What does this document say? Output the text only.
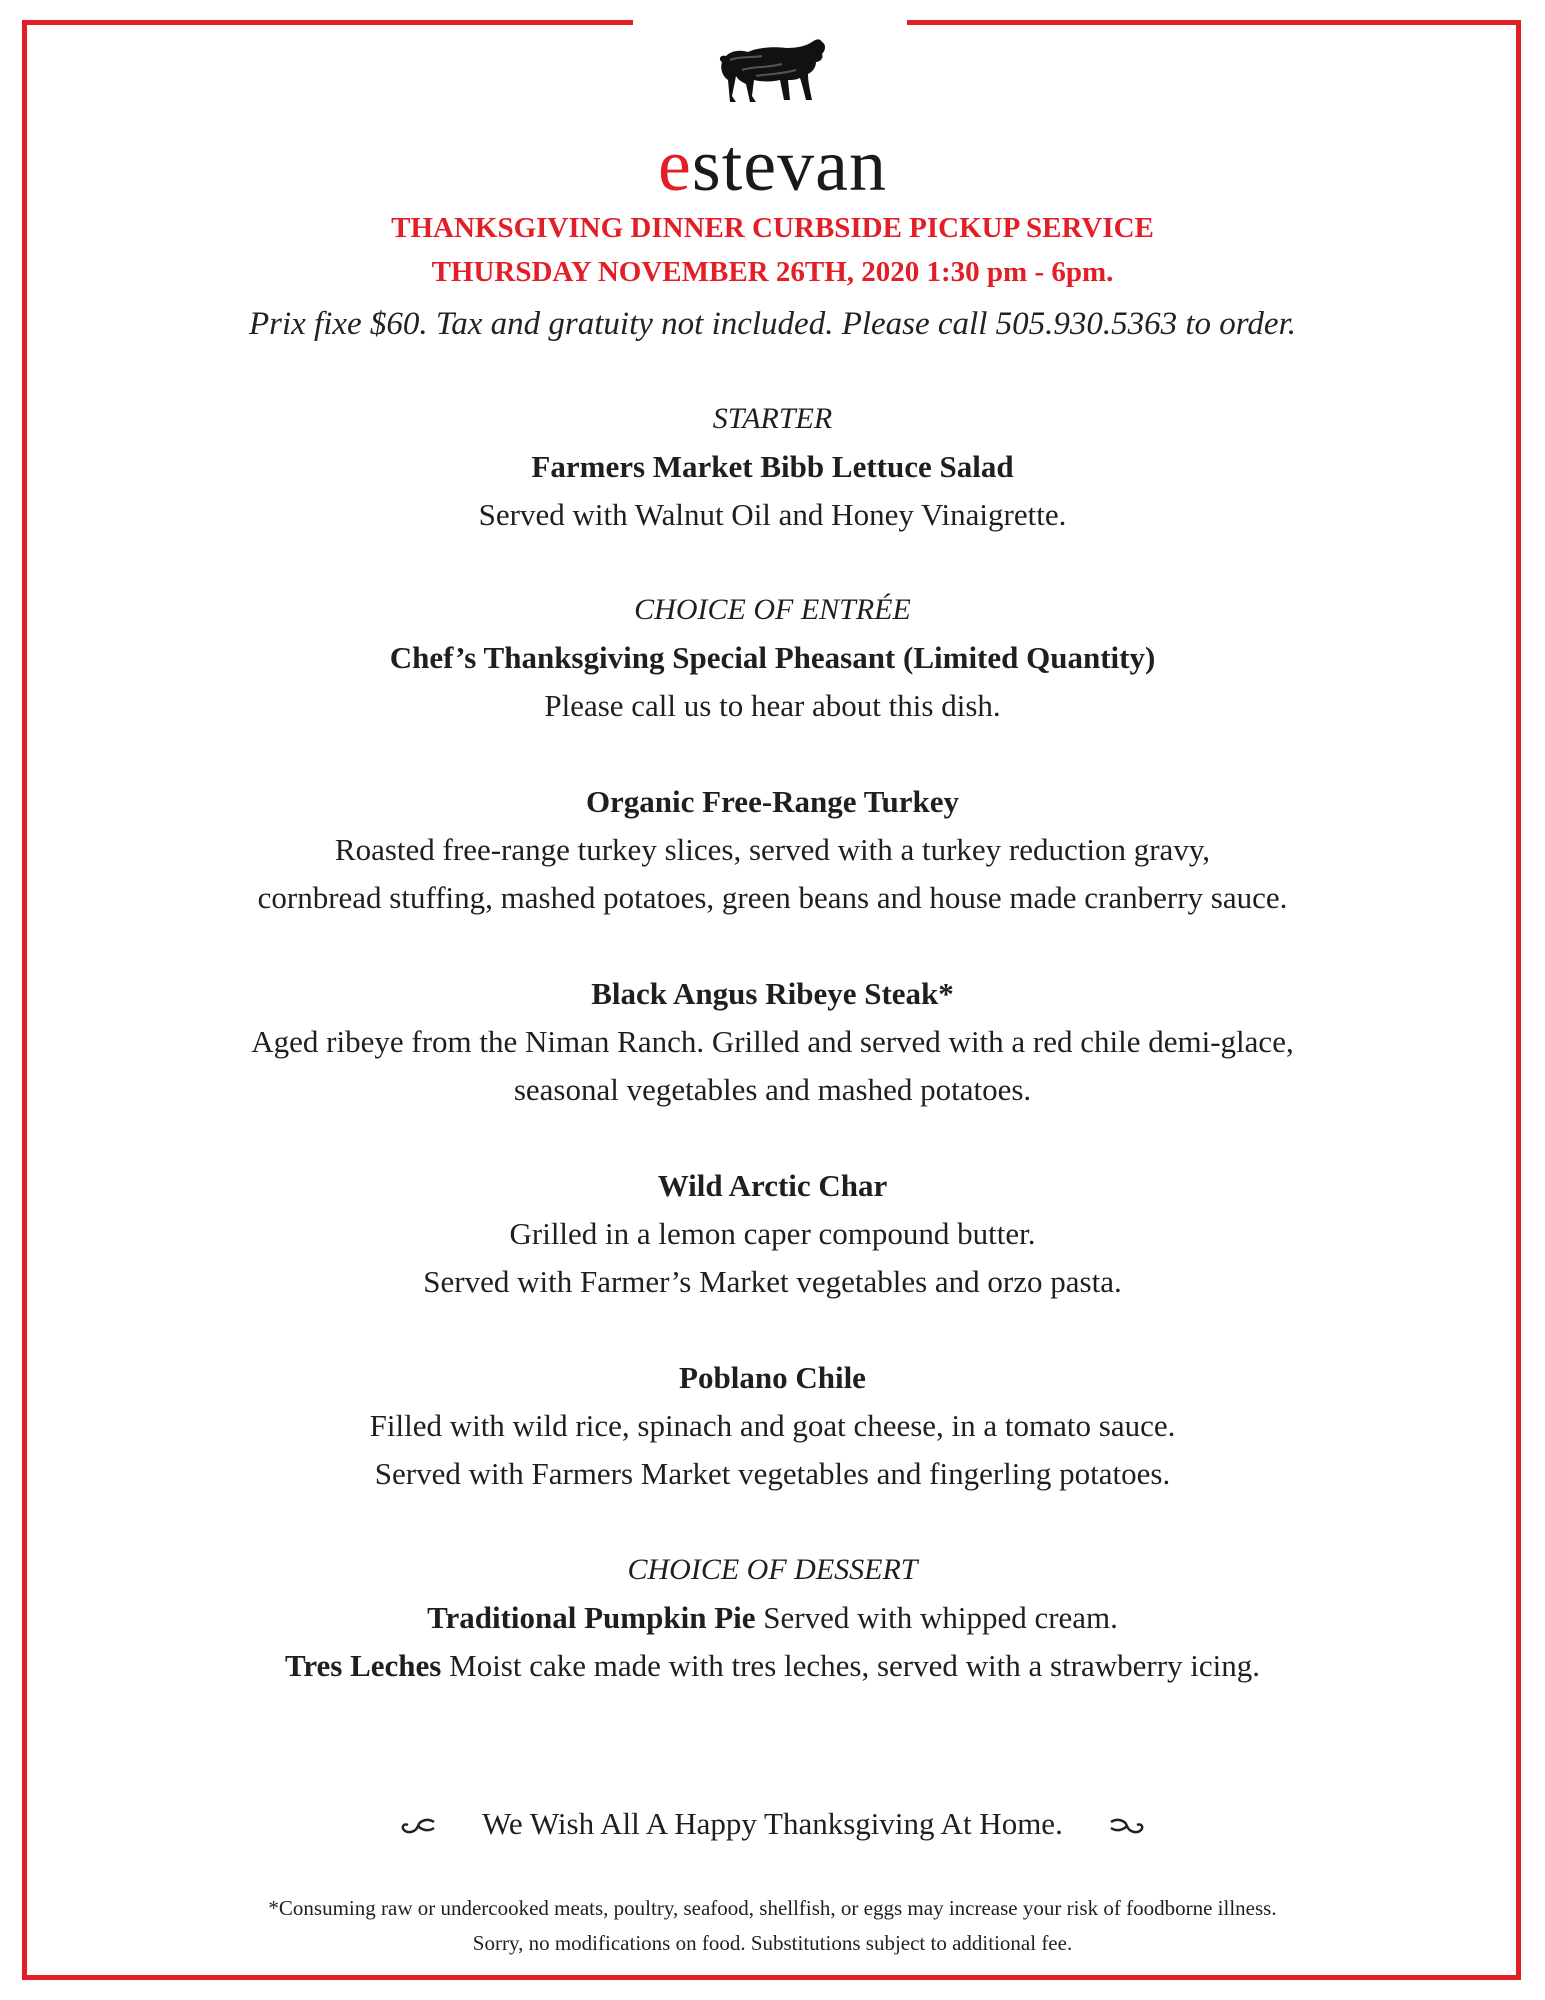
estevan
THANKSGIVING DINNER CURBSIDE PICKUP SERVICE
THURSDAY NOVEMBER 26TH, 2020 1:30 pm - 6pm.
Prix fixe $60. Tax and gratuity not included. Please call 505.930.5363 to order.
STARTER
Farmers Market Bibb Lettuce Salad
Served with Walnut Oil and Honey Vinaigrette.
CHOICE OF ENTRÉE
Chef’s Thanksgiving Special Pheasant (Limited Quantity)
Please call us to hear about this dish.
Organic Free-Range Turkey
Roasted free-range turkey slices, served with a turkey reduction gravy,
cornbread stuffing, mashed potatoes, green beans and house made cranberry sauce.
Black Angus Ribeye Steak*
Aged ribeye from the Niman Ranch. Grilled and served with a red chile demi-glace,
seasonal vegetables and mashed potatoes.
Wild Arctic Char
Grilled in a lemon caper compound butter.
Served with Farmer’s Market vegetables and orzo pasta.
Poblano Chile
Filled with wild rice, spinach and goat cheese, in a tomato sauce.
Served with Farmers Market vegetables and fingerling potatoes.
CHOICE OF DESSERT
Traditional Pumpkin Pie Served with whipped cream.
Tres Leches Moist cake made with tres leches, served with a strawberry icing.
We Wish All A Happy Thanksgiving At Home.
*Consuming raw or undercooked meats, poultry, seafood, shellfish, or eggs may increase your risk of foodborne illness.
Sorry, no modifications on food. Substitutions subject to additional fee.
